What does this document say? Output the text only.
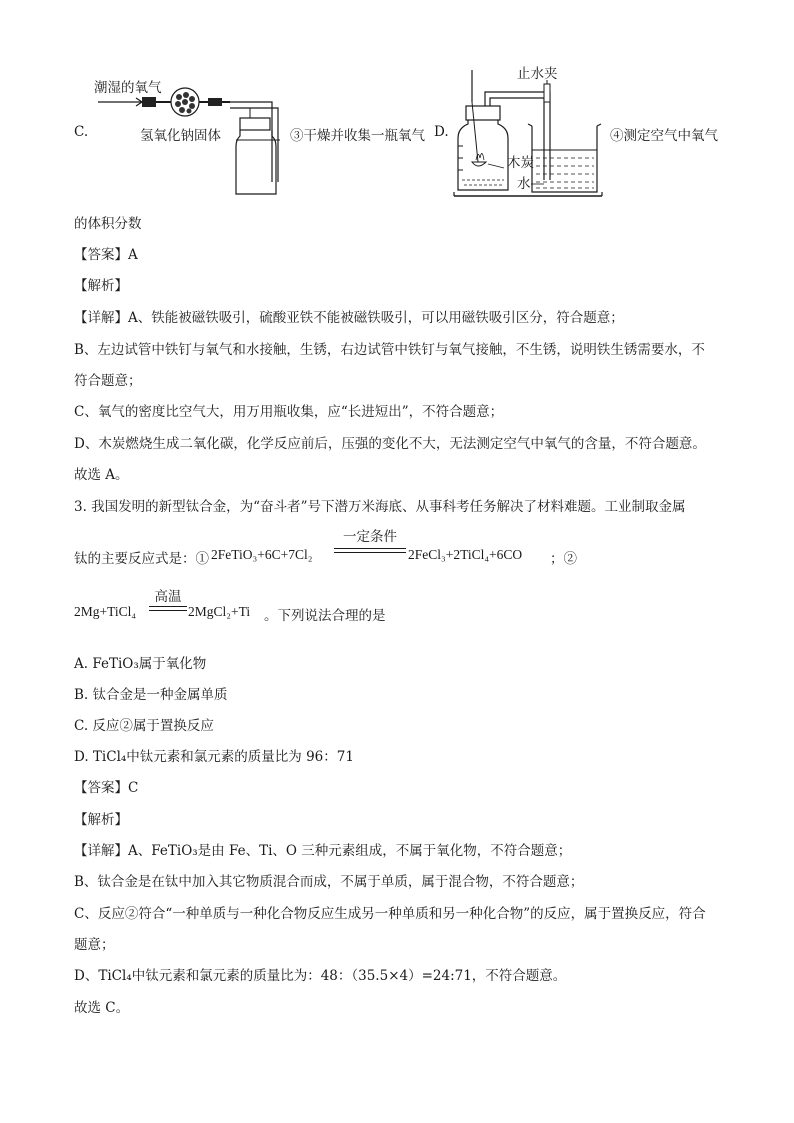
C.
潮湿的氧气
氢氧化钠固体	③干燥并收集一瓶氧气 D.
止水夹
木炭
水
④测定空气中氧气
的体积分数
【答案】A
【解析】
【详解】A、铁能被磁铁吸引，硫酸亚铁不能被磁铁吸引，可以用磁铁吸引区分，符合题意；
B、左边试管中铁钉与氧气和水接触，生锈，右边试管中铁钉与氧气接触，不生锈，说明铁生锈需要水，不
符合题意；
C、氧气的密度比空气大，用万用瓶收集，应“长进短出”，不符合题意；
D、木炭燃烧生成二氧化碳，化学反应前后，压强的变化不大，无法测定空气中氧气的含量，不符合题意。
故选 A。
3. 我国发明的新型钛合金，为“奋斗者”号下潜万米海底、从事科考任务解决了材料难题。工业制取金属
钛的主要反应式是：① 2FeTiO₃+6C+7Cl₂
一定条件
2FeCl₃+2TiCl₄+6CO ；②
2Mg+TiCl₄
高温
2MgCl₂+Ti 。下列说法合理的是
A. FeTiO₃属于氧化物
B. 钛合金是一种金属单质
C. 反应②属于置换反应
D. TiCl₄中钛元素和氯元素的质量比为 96：71
【答案】C
【解析】
【详解】A、FeTiO₃是由 Fe、Ti、O 三种元素组成，不属于氧化物，不符合题意；
B、钛合金是在钛中加入其它物质混合而成，不属于单质，属于混合物，不符合题意；
C、反应②符合“一种单质与一种化合物反应生成另一种单质和另一种化合物”的反应，属于置换反应，符合
题意；
D、TiCl₄中钛元素和氯元素的质量比为：48：（35.5×4）=24:71，不符合题意。
故选 C。
